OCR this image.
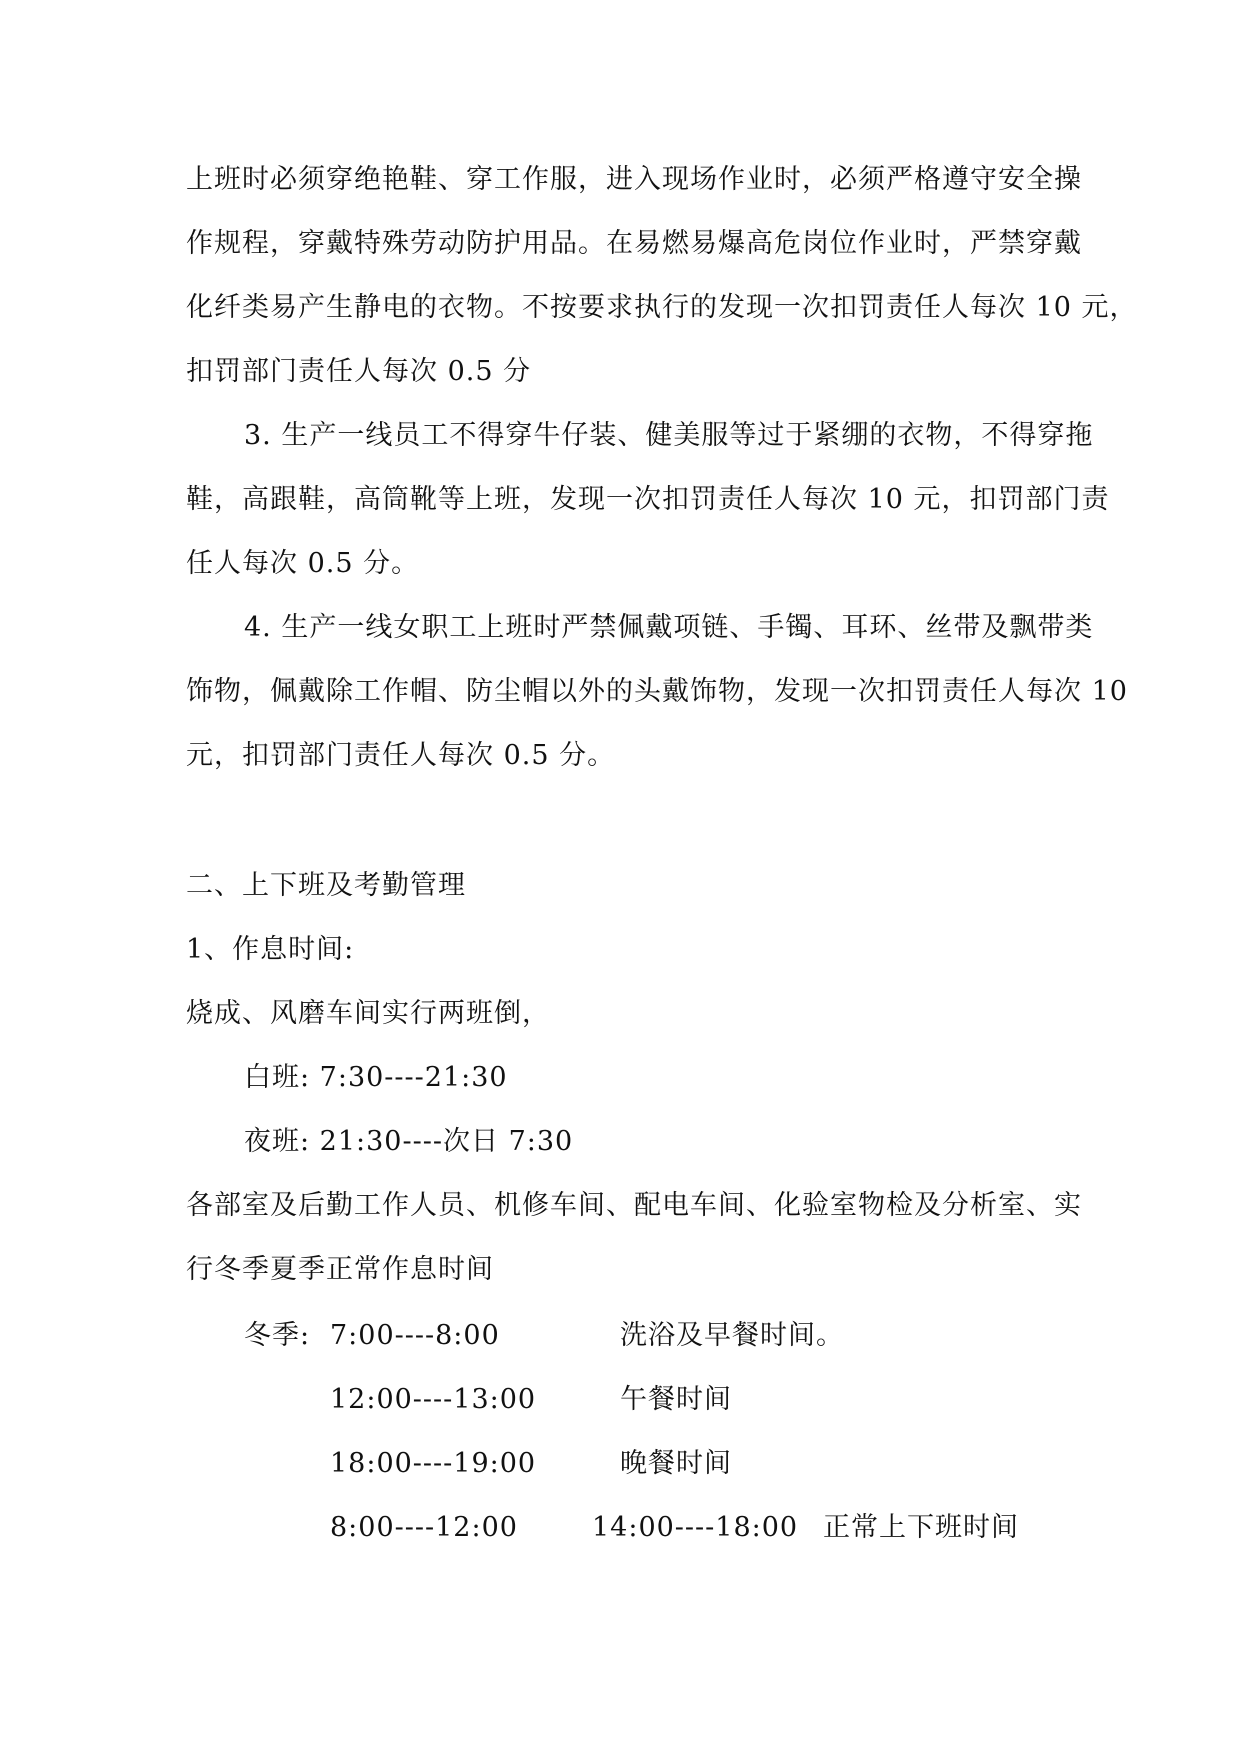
上班时必须穿绝艳鞋、穿工作服，进入现场作业时，必须严格遵守安全操
作规程，穿戴特殊劳动防护用品。在易燃易爆高危岗位作业时，严禁穿戴
化纤类易产生静电的衣物。不按要求执行的发现一次扣罚责任人每次 10 元，
扣罚部门责任人每次 0.5 分
3. 生产一线员工不得穿牛仔装、健美服等过于紧绷的衣物，不得穿拖
鞋，高跟鞋，高筒靴等上班，发现一次扣罚责任人每次 10 元，扣罚部门责
任人每次 0.5 分。
4. 生产一线女职工上班时严禁佩戴项链、手镯、耳环、丝带及飘带类
饰物，佩戴除工作帽、防尘帽以外的头戴饰物，发现一次扣罚责任人每次 10
元，扣罚部门责任人每次 0.5 分。
二、上下班及考勤管理
1、作息时间:
烧成、风磨车间实行两班倒，
白班: 7:30----21:30
夜班: 21:30----次日 7:30
各部室及后勤工作人员、机修车间、配电车间、化验室物检及分析室、实
行冬季夏季正常作息时间
冬季: 7:00----8:00	洗浴及早餐时间。
12:00----13:00	午餐时间
18:00----19:00	晚餐时间
8:00----12:00	14:00----18:00 正常上下班时间
